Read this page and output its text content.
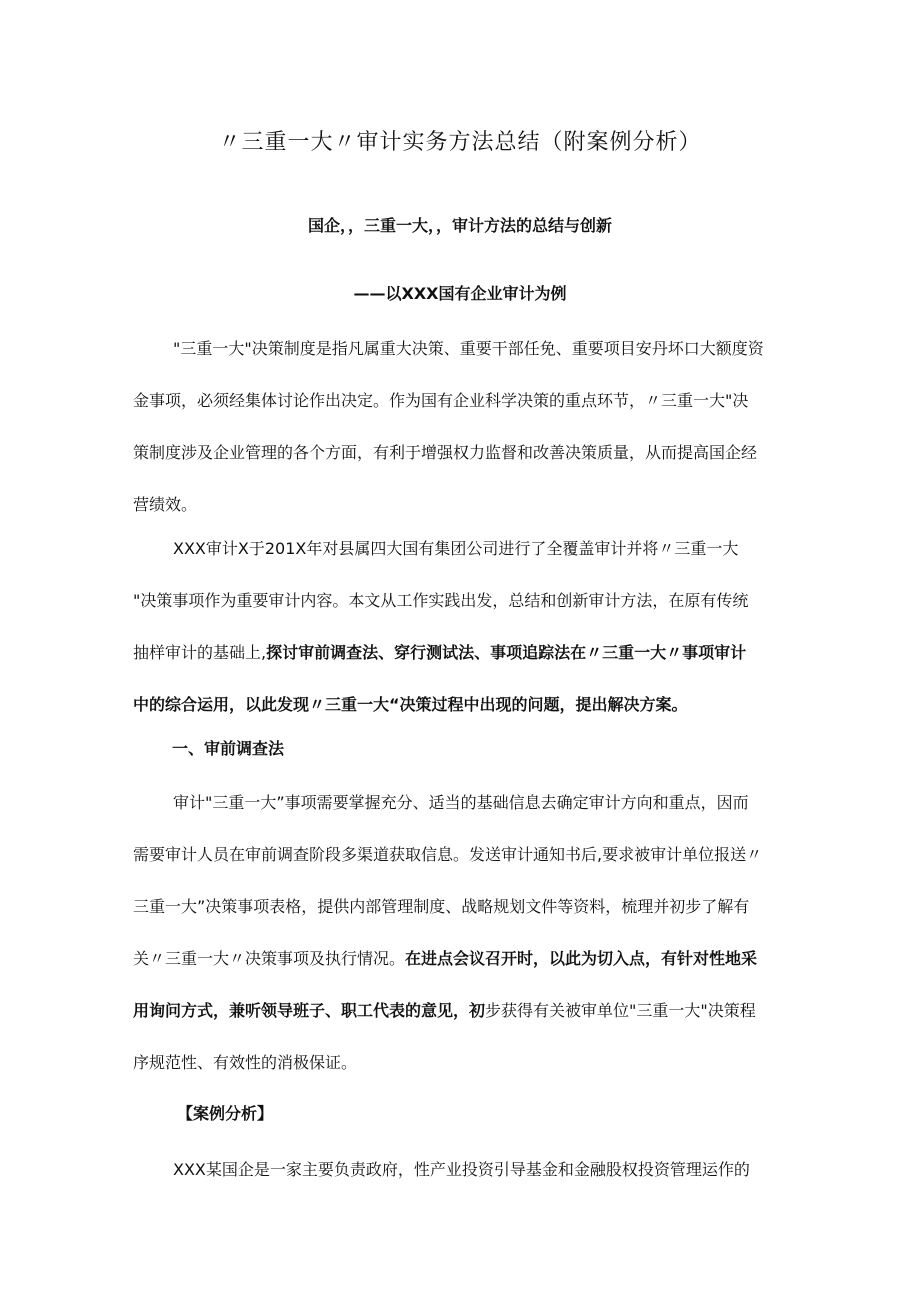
〃三重一大〃审计实务方法总结（附案例分析）
国企，，三重一大，，审计方法的总结与创新
——以XXX国有企业审计为例
"三重一大"决策制度是指凡属重大决策、重要干部任免、重要项目安丹坏口大额度资
金事项，必须经集体讨论作出决定。作为国有企业科学决策的重点环节，〃三重一大"决
策制度涉及企业管理的各个方面，有利于增强权力监督和改善决策质量，从而提高国企经
营绩效。
XXX审计X于201X年对县属四大国有集团公司进行了全覆盖审计并将〃三重一大
"决策事项作为重要审计内容。本文从工作实践出发，总结和创新审计方法，在原有传统
抽样审计的基础上,探讨审前调查法、穿行测试法、事项追踪法在〃三重一大〃事项审计
中的综合运用，以此发现〃三重一大“决策过程中出现的问题，提出解决方案。
一、审前调查法
审计"三重一大”事项需要掌握充分、适当的基础信息去确定审计方向和重点，因而
需要审计人员在审前调查阶段多渠道获取信息。发送审计通知书后,要求被审计单位报送〃
三重一大”决策事项表格，提供内部管理制度、战略规划文件等资料，梳理并初步了解有
关〃三重一大〃决策事项及执行情况。在进点会议召开时，以此为切入点，有针对性地采
用询问方式，兼听领导班子、职工代表的意见，初步获得有关被审单位"三重一大"决策程
序规范性、有效性的消极保证。
【案例分析】
XXX某国企是一家主要负责政府，性产业投资引导基金和金融股权投资管理运作的
